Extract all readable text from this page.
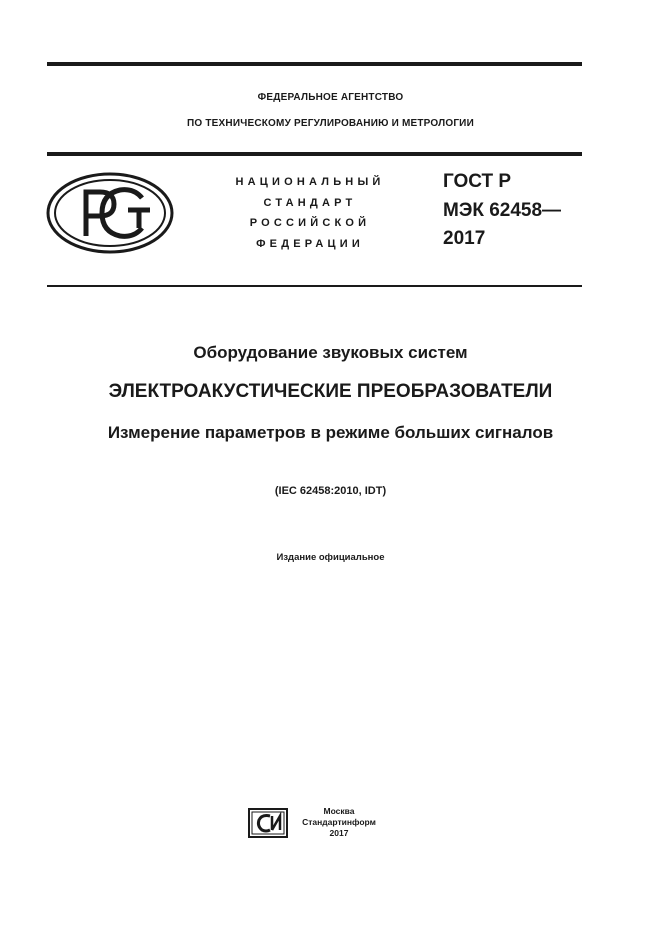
ФЕДЕРАЛЬНОЕ АГЕНТСТВО
ПО ТЕХНИЧЕСКОМУ РЕГУЛИРОВАНИЮ И МЕТРОЛОГИИ
НАЦИОНАЛЬНЫЙ
СТАНДАРТ
РОССИЙСКОЙ
ФЕДЕРАЦИИ
ГОСТ Р
МЭК 62458—
2017
Оборудование звуковых систем
ЭЛЕКТРОАКУСТИЧЕСКИЕ ПРЕОБРАЗОВАТЕЛИ
Измерение параметров в режиме больших сигналов
(IEC 62458:2010, IDT)
Издание официальное
Москва
Стандартинформ
2017
